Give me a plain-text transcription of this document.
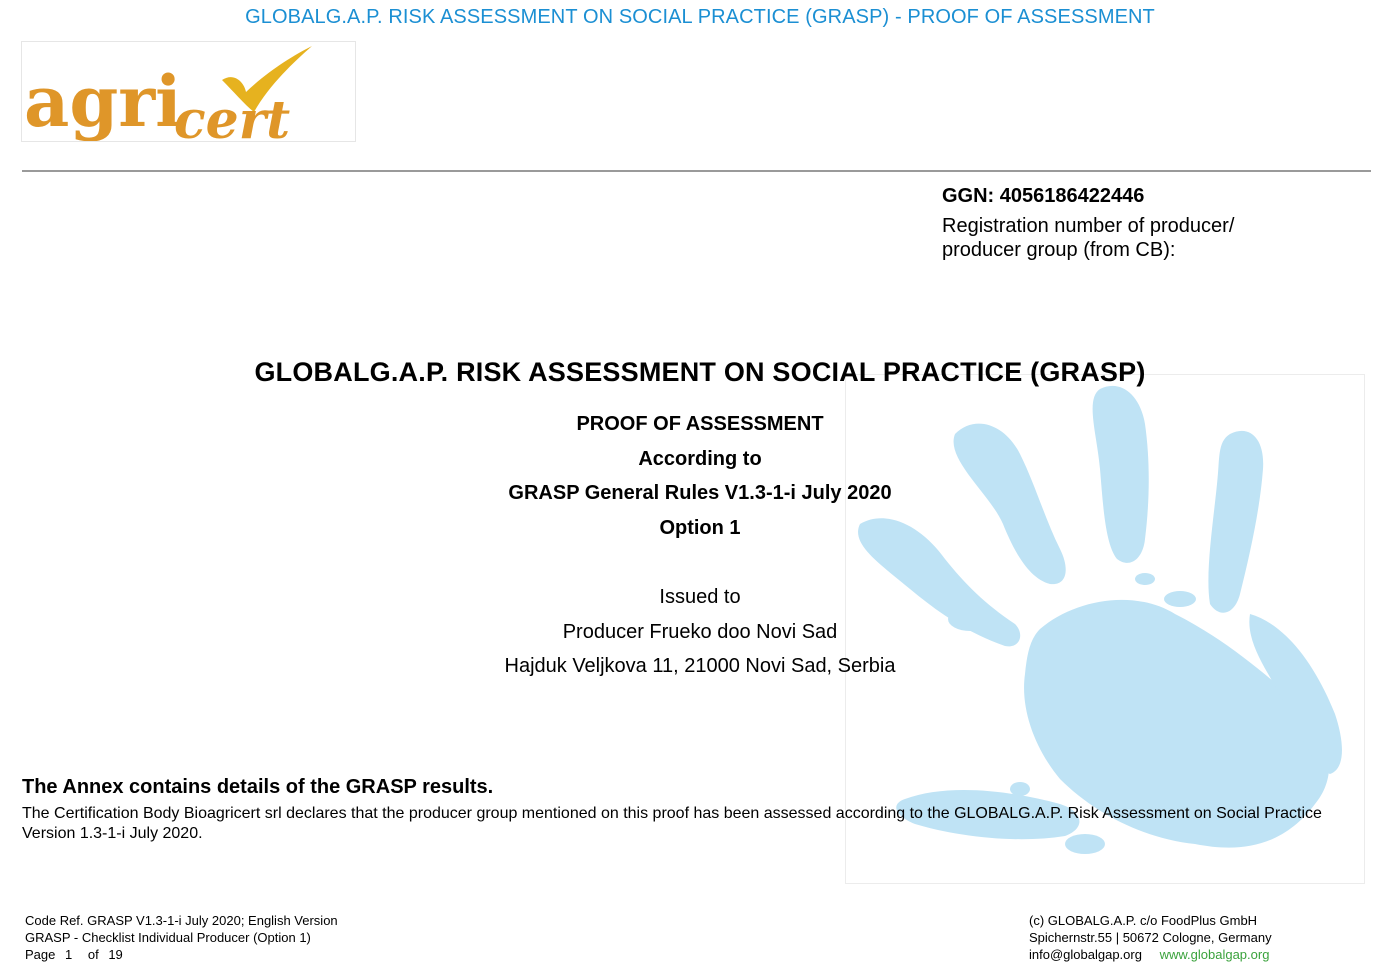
GLOBALG.A.P. RISK ASSESSMENT ON SOCIAL PRACTICE (GRASP) - PROOF OF ASSESSMENT
agri
cert
GGN: 4056186422446
Registration number of producer/ producer group (from CB):
GLOBALG.A.P. RISK ASSESSMENT ON SOCIAL PRACTICE (GRASP)
PROOF OF ASSESSMENT
According to
GRASP General Rules V1.3-1-i July 2020
Option 1
Issued to
Producer Frueko doo Novi Sad
Hajduk Veljkova 11, 21000 Novi Sad, Serbia
The Annex contains details of the GRASP results.
The Certification Body Bioagricert srl declares that the producer group mentioned on this proof has been assessed according to the GLOBALG.A.P. Risk Assessment on Social Practice Version 1.3-1-i July 2020.
Code Ref. GRASP V1.3-1-i July 2020; English Version
GRASP - Checklist Individual Producer (Option 1)
Page 1 of 19
(c) GLOBALG.A.P. c/o FoodPlus GmbH
Spichernstr.55 | 50672 Cologne, Germany
info@globalgap.org www.globalgap.org
